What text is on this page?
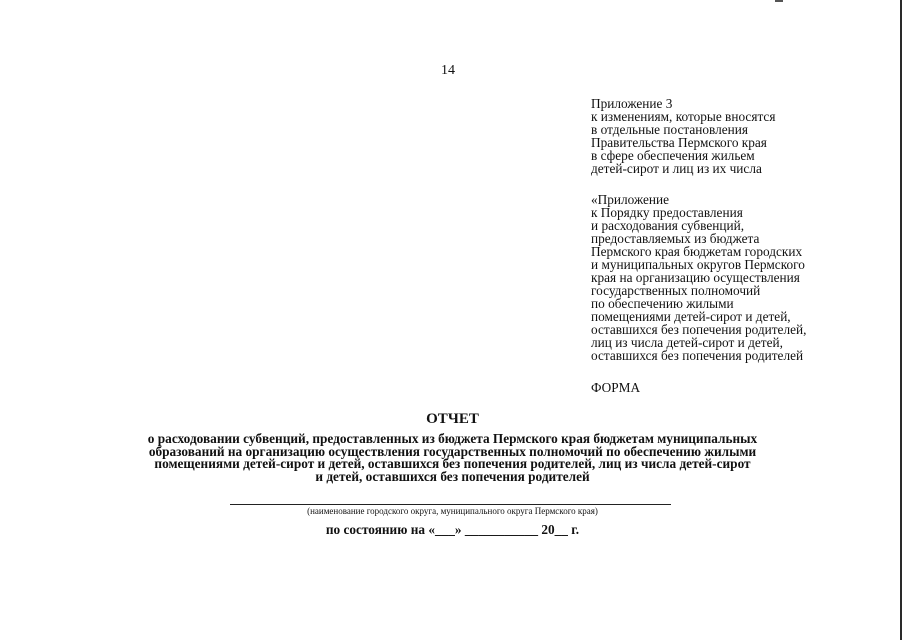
14
Приложение 3
к изменениям, которые вносятся
в отдельные постановления
Правительства Пермского края
в сфере обеспечения жильем
детей-сирот и лиц из их числа
«Приложение
к Порядку предоставления
и расходования субвенций,
предоставляемых из бюджета
Пермского края бюджетам городских
и муниципальных округов Пермского
края на организацию осуществления
государственных полномочий
по обеспечению жилыми
помещениями детей-сирот и детей,
оставшихся без попечения родителей,
лиц из числа детей-сирот и детей,
оставшихся без попечения родителей
ФОРМА
ОТЧЕТ
о расходовании субвенций, предоставленных из бюджета Пермского края бюджетам муниципальных
образований на организацию осуществления государственных полномочий по обеспечению жилыми
помещениями детей-сирот и детей, оставшихся без попечения родителей, лиц из числа детей-сирот
и детей, оставшихся без попечения родителей
(наименование городского округа, муниципального округа Пермского края)
по состоянию на «___» ___________ 20__ г.
